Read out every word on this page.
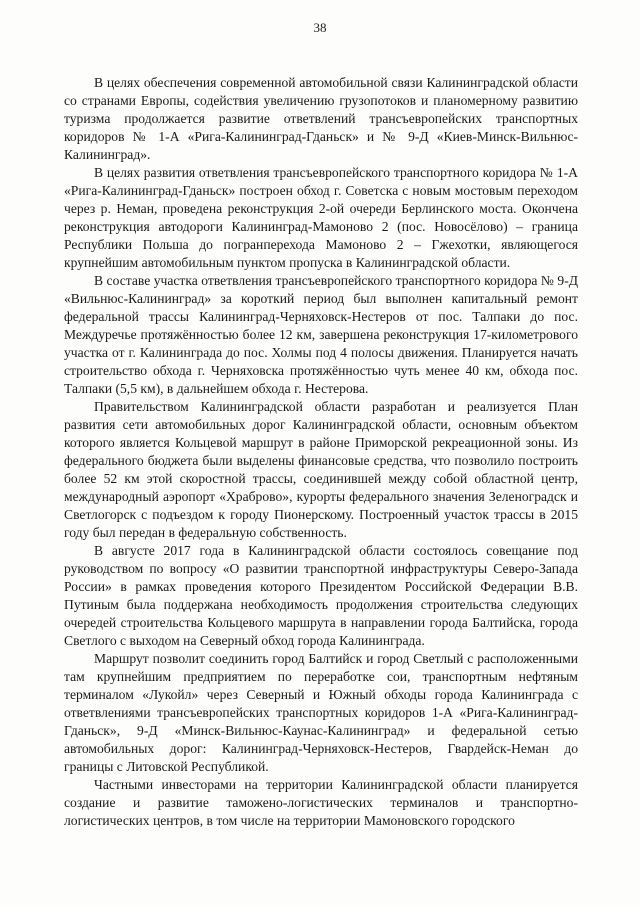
38

В целях обеспечения современной автомобильной связи Калининградской области со странами Европы, содействия увеличению грузопотоков и планомерному развитию туризма продолжается развитие ответвлений трансъевропейских транспортных коридоров № 1-А «Рига-Калининград-Гданьск» и № 9-Д «Киев-Минск-Вильнюс-Калининград».

В целях развития ответвления трансъевропейского транспортного коридора № 1-А «Рига-Калининград-Гданьск» построен обход г. Советска с новым мостовым переходом через р. Неман, проведена реконструкция 2-ой очереди Берлинского моста. Окончена реконструкция автодороги Калининград-Мамоново 2 (пос. Новосёлово) – граница Республики Польша до погранперехода Мамоново 2 – Гжехотки, являющегося крупнейшим автомобильным пунктом пропуска в Калининградской области.

В составе участка ответвления трансъевропейского транспортного коридора № 9-Д «Вильнюс-Калининград» за короткий период был выполнен капитальный ремонт федеральной трассы Калининград-Черняховск-Нестеров от пос. Талпаки до пос. Междуречье протяжённостью более 12 км, завершена реконструкция 17-километрового участка от г. Калининграда до пос. Холмы под 4 полосы движения. Планируется начать строительство обхода г. Черняховска протяжённостью чуть менее 40 км, обхода пос. Талпаки (5,5 км), в дальнейшем обхода г. Нестерова.

Правительством Калининградской области разработан и реализуется План развития сети автомобильных дорог Калининградской области, основным объектом которого является Кольцевой маршрут в районе Приморской рекреационной зоны. Из федерального бюджета были выделены финансовые средства, что позволило построить более 52 км этой скоростной трассы, соединившей между собой областной центр, международный аэропорт «Храброво», курорты федерального значения Зеленоградск и Светлогорск с подъездом к городу Пионерскому. Построенный участок трассы в 2015 году был передан в федеральную собственность.

В августе 2017 года в Калининградской области состоялось совещание под руководством по вопросу «О развитии транспортной инфраструктуры Северо-Запада России» в рамках проведения которого Президентом Российской Федерации В.В. Путиным была поддержана необходимость продолжения строительства следующих очередей строительства Кольцевого маршрута в направлении города Балтийска, города Светлого с выходом на Северный обход города Калининграда.

Маршрут позволит соединить город Балтийск и город Светлый с расположенными там крупнейшим предприятием по переработке сои, транспортным нефтяным терминалом «Лукойл» через Северный и Южный обходы города Калининграда с ответвлениями трансъевропейских транспортных коридоров 1-А «Рига-Калининград-Гданьск», 9-Д «Минск-Вильнюс-Каунас-Калининград» и федеральной сетью автомобильных дорог: Калининград-Черняховск-Нестеров, Гвардейск-Неман до границы с Литовской Республикой.

Частными инвесторами на территории Калининградской области планируется создание и развитие таможено-логистических терминалов и транспортно-логистических центров, в том числе на территории Мамоновского городского
